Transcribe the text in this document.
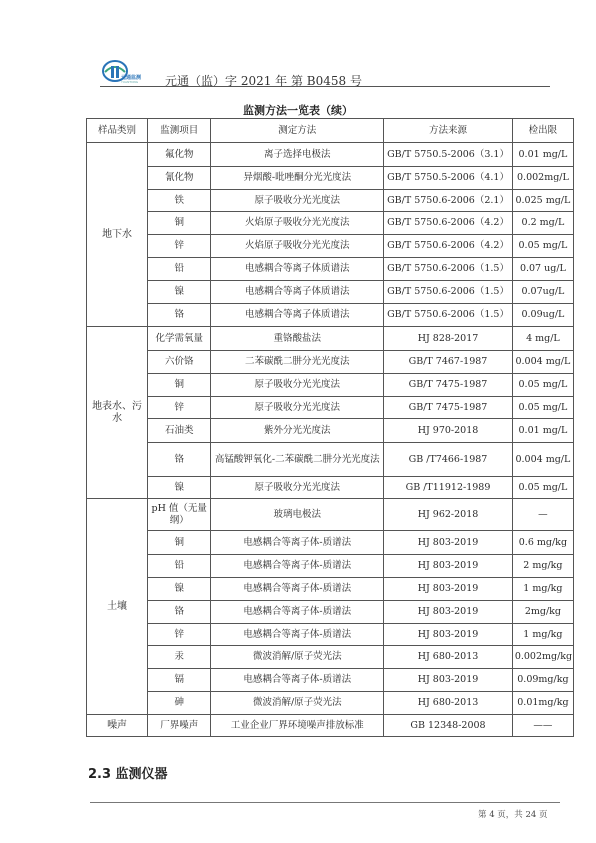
元通监测
YUANTONG 元通（监）字 2021 年 第 B0458 号
监测方法一览表（续）
样品类别	监测项目	测定方法	方法来源	检出限
地下水	氟化物	离子选择电极法	GB/T 5750.5-2006（3.1）	0.01 mg/L
	氰化物	异烟酸-吡唑酮分光光度法	GB/T 5750.5-2006（4.1）	0.002mg/L
	铁	原子吸收分光光度法	GB/T 5750.6-2006（2.1）	0.025 mg/L
	铜	火焰原子吸收分光光度法	GB/T 5750.6-2006（4.2）	0.2 mg/L
	锌	火焰原子吸收分光光度法	GB/T 5750.6-2006（4.2）	0.05 mg/L
	铅	电感耦合等离子体质谱法	GB/T 5750.6-2006（1.5）	0.07 ug/L
	镍	电感耦合等离子体质谱法	GB/T 5750.6-2006（1.5）	0.07ug/L
	铬	电感耦合等离子体质谱法	GB/T 5750.6-2006（1.5）	0.09ug/L
地表水、污水	化学需氧量	重铬酸盐法	HJ 828-2017	4 mg/L
	六价铬	二苯碳酰二肼分光光度法	GB/T 7467-1987	0.004 mg/L
	铜	原子吸收分光光度法	GB/T 7475-1987	0.05 mg/L
	锌	原子吸收分光光度法	GB/T 7475-1987	0.05 mg/L
	石油类	紫外分光光度法	HJ 970-2018	0.01 mg/L
	铬	高锰酸钾氧化-二苯碳酰二肼分光光度法	GB /T7466-1987	0.004 mg/L
	镍	原子吸收分光光度法	GB /T11912-1989	0.05 mg/L
土壤	pH 值（无量纲）	玻璃电极法	HJ 962-2018	—
	铜	电感耦合等离子体-质谱法	HJ 803-2019	0.6 mg/kg
	铅	电感耦合等离子体-质谱法	HJ 803-2019	2 mg/kg
	镍	电感耦合等离子体-质谱法	HJ 803-2019	1 mg/kg
	铬	电感耦合等离子体-质谱法	HJ 803-2019	2mg/kg
	锌	电感耦合等离子体-质谱法	HJ 803-2019	1 mg/kg
	汞	微波消解/原子荧光法	HJ 680-2013	0.002mg/kg
	镉	电感耦合等离子体-质谱法	HJ 803-2019	0.09mg/kg
	砷	微波消解/原子荧光法	HJ 680-2013	0.01mg/kg
噪声	厂界噪声	工业企业厂界环境噪声排放标准	GB 12348-2008	——
2.3 监测仪器
第 4 页，共 24 页
